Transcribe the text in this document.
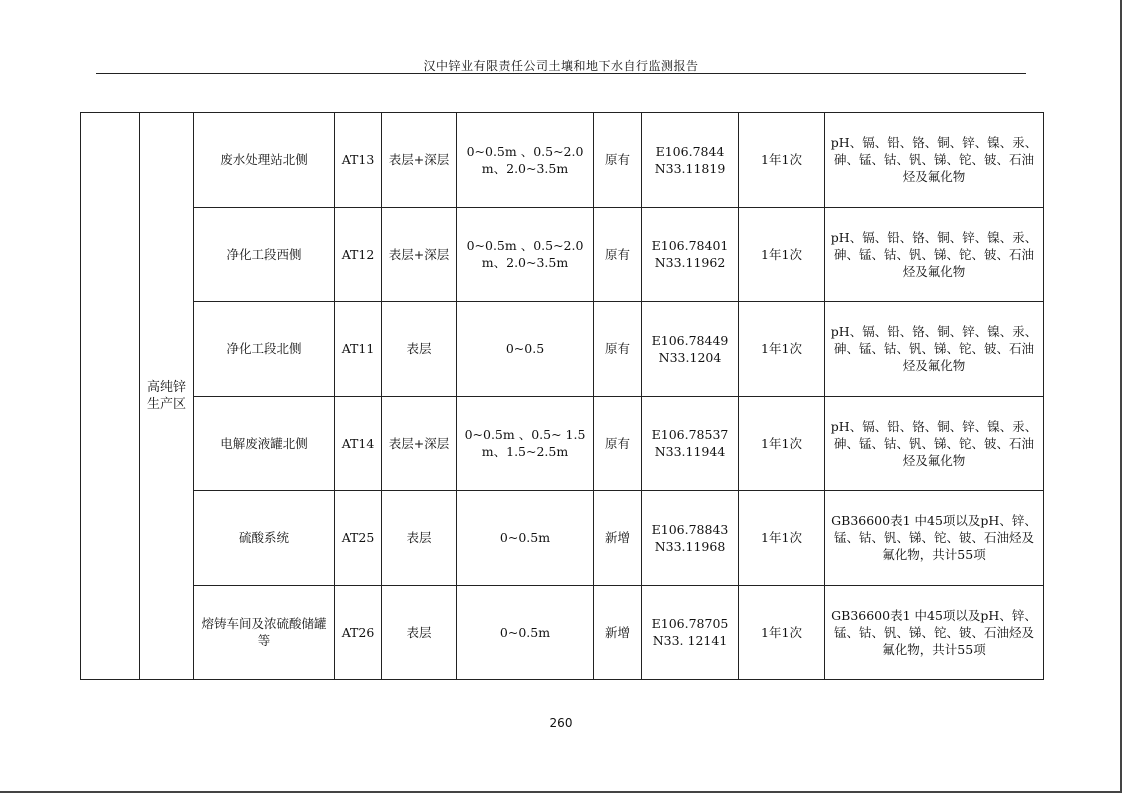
汉中锌业有限责任公司土壤和地下水自行监测报告
	高纯锌生产区	废水处理站北侧	AT13	表层+深层	0~0.5m 、0.5~2.0m、2.0~3.5m	原有	E106.7844
N33.11819	1年1次	pH、镉、铅、铬、铜、锌、镍、汞、砷、锰、钴、钒、锑、铊、铍、石油烃及氟化物
		净化工段西侧	AT12	表层+深层	0~0.5m 、0.5~2.0m、2.0~3.5m	原有	E106.78401
N33.11962	1年1次	pH、镉、铅、铬、铜、锌、镍、汞、砷、锰、钴、钒、锑、铊、铍、石油烃及氟化物
		净化工段北侧	AT11	表层	0~0.5	原有	E106.78449
N33.1204	1年1次	pH、镉、铅、铬、铜、锌、镍、汞、砷、锰、钴、钒、锑、铊、铍、石油烃及氟化物
		电解废液罐北侧	AT14	表层+深层	0~0.5m 、0.5~ 1.5m、1.5~2.5m	原有	E106.78537
N33.11944	1年1次	pH、镉、铅、铬、铜、锌、镍、汞、砷、锰、钴、钒、锑、铊、铍、石油烃及氟化物
		硫酸系统	AT25	表层	0~0.5m	新增	E106.78843
N33.11968	1年1次	GB36600表1 中45项以及pH、锌、锰、钴、钒、锑、铊、铍、石油烃及氟化物，共计55项
		熔铸车间及浓硫酸储罐等	AT26	表层	0~0.5m	新增	E106.78705
N33. 12141	1年1次	GB36600表1 中45项以及pH、锌、锰、钴、钒、锑、铊、铍、石油烃及氟化物，共计55项
260
